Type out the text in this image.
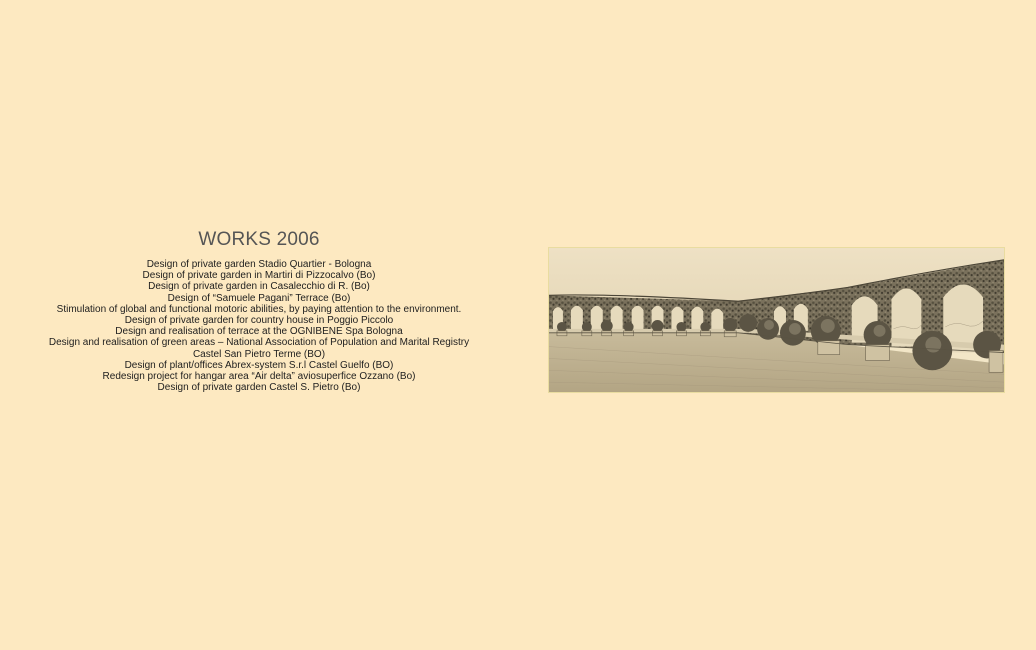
WORKS 2006
Design of private garden Stadio Quartier - Bologna
Design of private garden in Martiri di Pizzocalvo (Bo)
Design of private garden in Casalecchio di R. (Bo)
Design of “Samuele Pagani” Terrace (Bo)
Stimulation of global and functional motoric abilities, by paying attention to the environment.
Design of private garden for country house in Poggio Piccolo
Design and realisation of terrace at the OGNIBENE Spa Bologna
Design and realisation of green areas – National Association of Population and Marital Registry
Castel San Pietro Terme (BO)
Design of plant/offices Abrex-system S.r.l Castel Guelfo (BO)
Redesign project for hangar area “Air delta” aviosuperfice Ozzano (Bo)
Design of private garden Castel S. Pietro (Bo)
